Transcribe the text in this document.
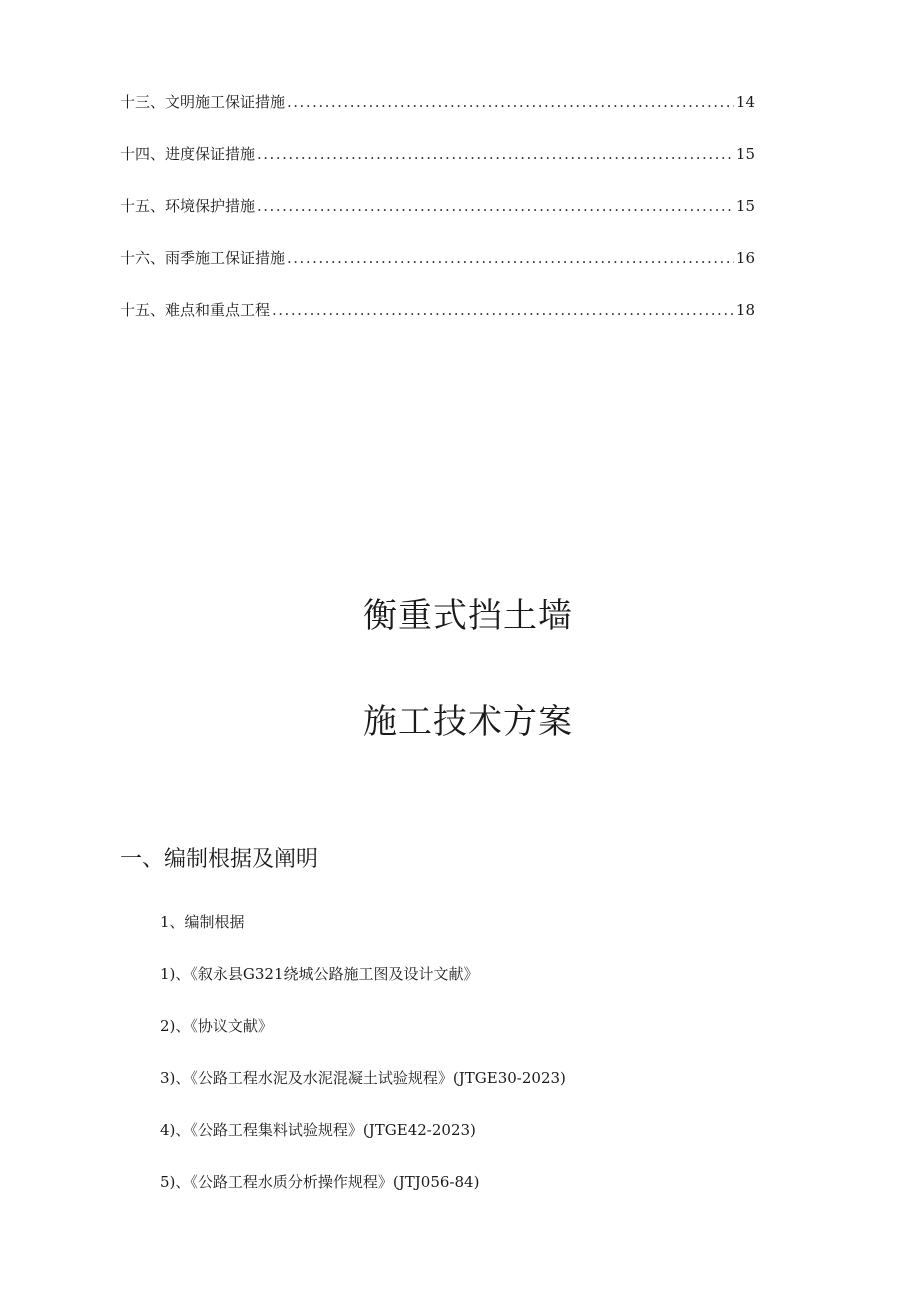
十三、文明施工保证措施 .....	14
十四、进度保证措施 .....	15
十五、环境保护措施 .....	15
十六、雨季施工保证措施 .....	16
十五、难点和重点工程 .....	18
衡重式挡土墙
施工技术方案
一、编制根据及阐明
1、编制根据
1)、《叙永县G321绕城公路施工图及设计文献》
2)、《协议文献》
3)、《公路工程水泥及水泥混凝土试验规程》(JTGE30-2023)
4)、《公路工程集料试验规程》(JTGE42-2023)
5)、《公路工程水质分析操作规程》(JTJ056-84)
